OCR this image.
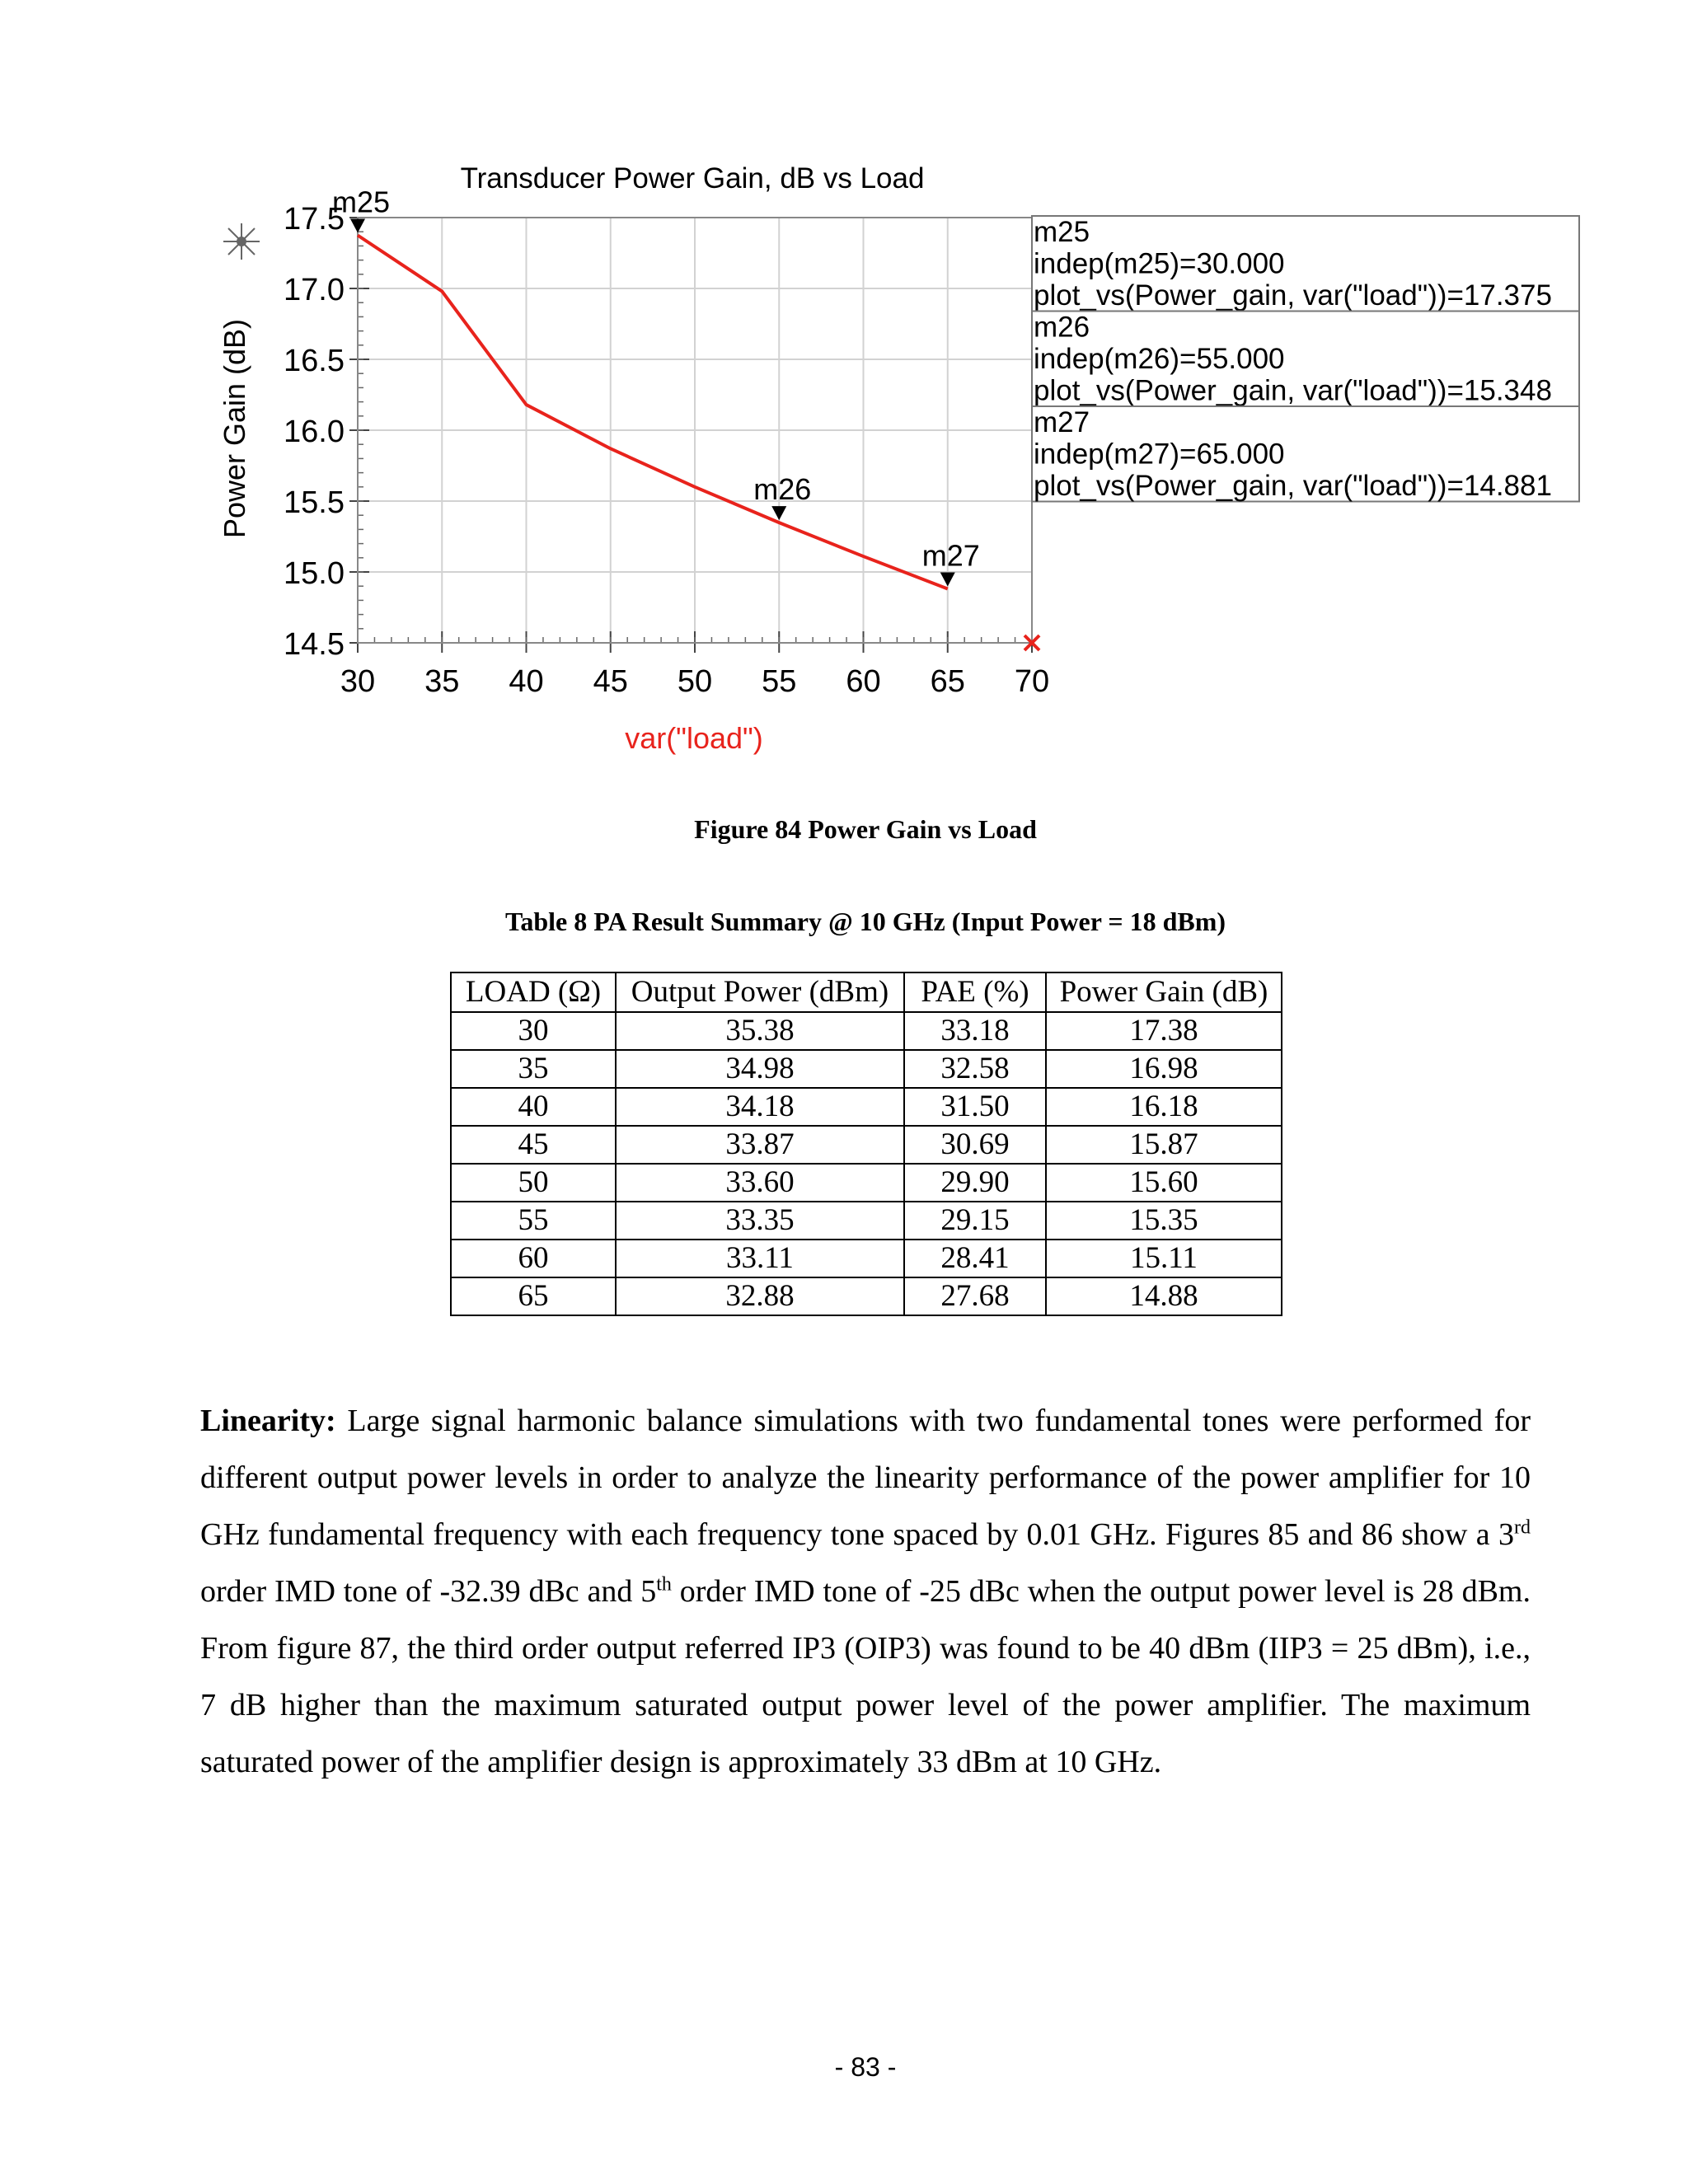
30 35 40 45 50 55 60 65 70
14.5
15.0
15.5
16.0
16.5
17.0
17.5
m25
m26
m27
m25
indep(m25)=30.000
plot_vs(Power_gain, var("load"))=17.375
m26
indep(m26)=55.000
plot_vs(Power_gain, var("load"))=15.348
m27
indep(m27)=65.000
plot_vs(Power_gain, var("load"))=14.881
Transducer Power Gain, dB vs Load
Power Gain (dB)
var("load")
Figure 84 Power Gain vs Load
Table 8 PA Result Summary @ 10 GHz (Input Power = 18 dBm)
LOAD (Ω)	Output Power (dBm)	PAE (%)	Power Gain (dB)
30	35.38	33.18	17.38
35	34.98	32.58	16.98
40	34.18	31.50	16.18
45	33.87	30.69	15.87
50	33.60	29.90	15.60
55	33.35	29.15	15.35
60	33.11	28.41	15.11
65	32.88	27.68	14.88
Linearity: Large signal harmonic balance simulations with two fundamental tones were performed for different output power levels in order to analyze the linearity performance of the power amplifier for 10 GHz fundamental frequency with each frequency tone spaced by 0.01 GHz. Figures 85 and 86 show a 3rd order IMD tone of -32.39 dBc and 5th order IMD tone of -25 dBc when the output power level is 28 dBm. From figure 87, the third order output referred IP3 (OIP3) was found to be 40 dBm (IIP3 = 25 dBm), i.e., 7 dB higher than the maximum saturated output power level of the power amplifier. The maximum saturated power of the amplifier design is approximately 33 dBm at 10 GHz.
- 83 -
